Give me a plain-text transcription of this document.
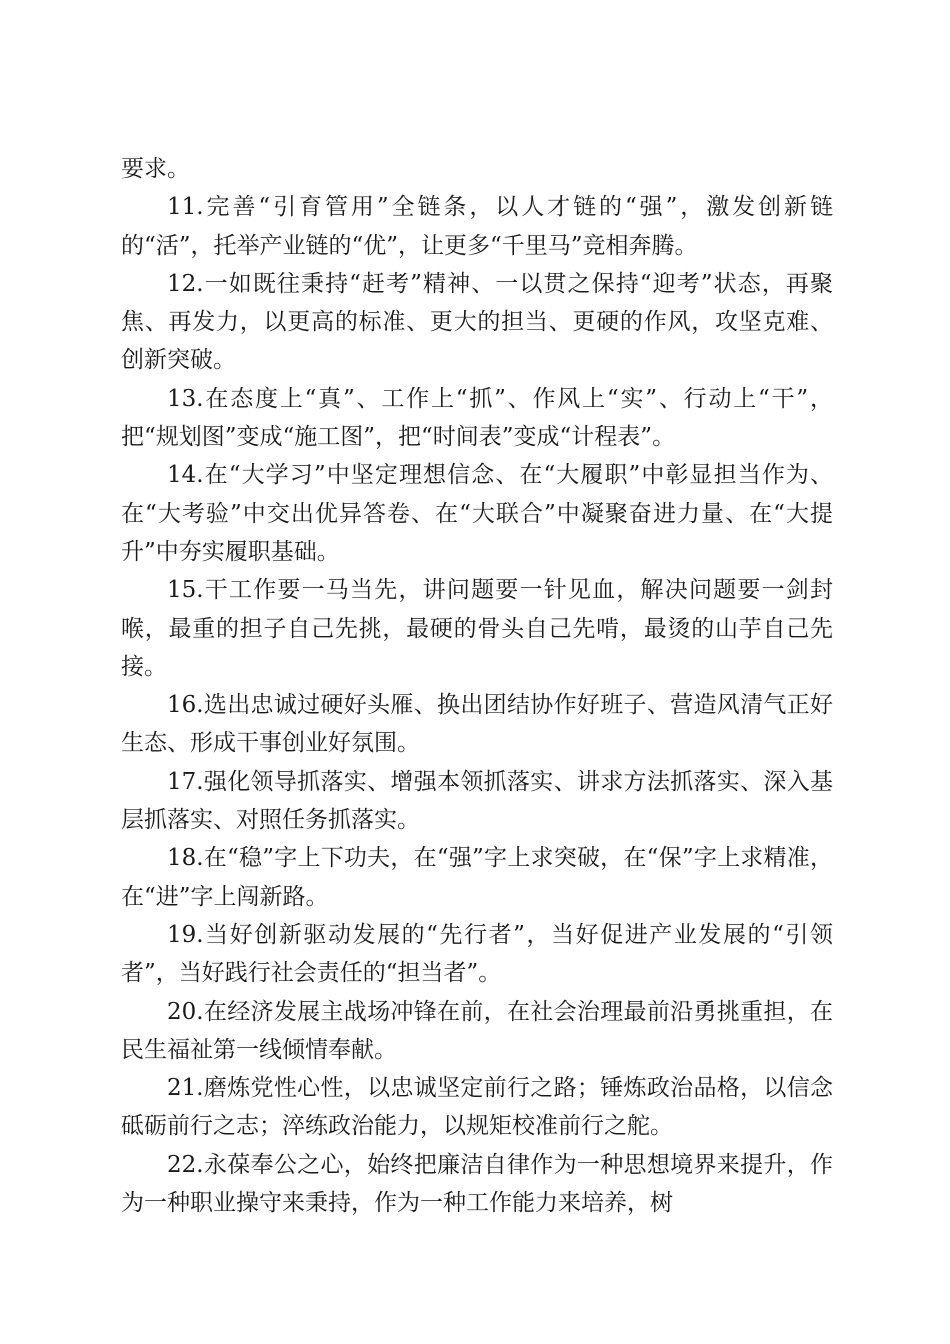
要求。

11.完善“引育管用”全链条，以人才链的“强”，激发创新链的“活”，托举产业链的“优”，让更多“千里马”竞相奔腾。

12.一如既往秉持“赶考”精神、一以贯之保持“迎考”状态，再聚焦、再发力，以更高的标准、更大的担当、更硬的作风，攻坚克难、创新突破。

13.在态度上“真”、工作上“抓”、作风上“实”、行动上“干”，把“规划图”变成“施工图”，把“时间表”变成“计程表”。

14.在“大学习”中坚定理想信念、在“大履职”中彰显担当作为、在“大考验”中交出优异答卷、在“大联合”中凝聚奋进力量、在“大提升”中夯实履职基础。

15.干工作要一马当先，讲问题要一针见血，解决问题要一剑封喉，最重的担子自己先挑，最硬的骨头自己先啃，最烫的山芋自己先接。

16.选出忠诚过硬好头雁、换出团结协作好班子、营造风清气正好生态、形成干事创业好氛围。

17.强化领导抓落实、增强本领抓落实、讲求方法抓落实、深入基层抓落实、对照任务抓落实。

18.在“稳”字上下功夫，在“强”字上求突破，在“保”字上求精准，在“进”字上闯新路。

19.当好创新驱动发展的“先行者”，当好促进产业发展的“引领者”，当好践行社会责任的“担当者”。

20.在经济发展主战场冲锋在前，在社会治理最前沿勇挑重担，在民生福祉第一线倾情奉献。

21.磨炼党性心性，以忠诚坚定前行之路；锤炼政治品格，以信念砥砺前行之志；淬练政治能力，以规矩校准前行之舵。

22.永葆奉公之心，始终把廉洁自律作为一种思想境界来提升，作为一种职业操守来秉持，作为一种工作能力来培养，树
